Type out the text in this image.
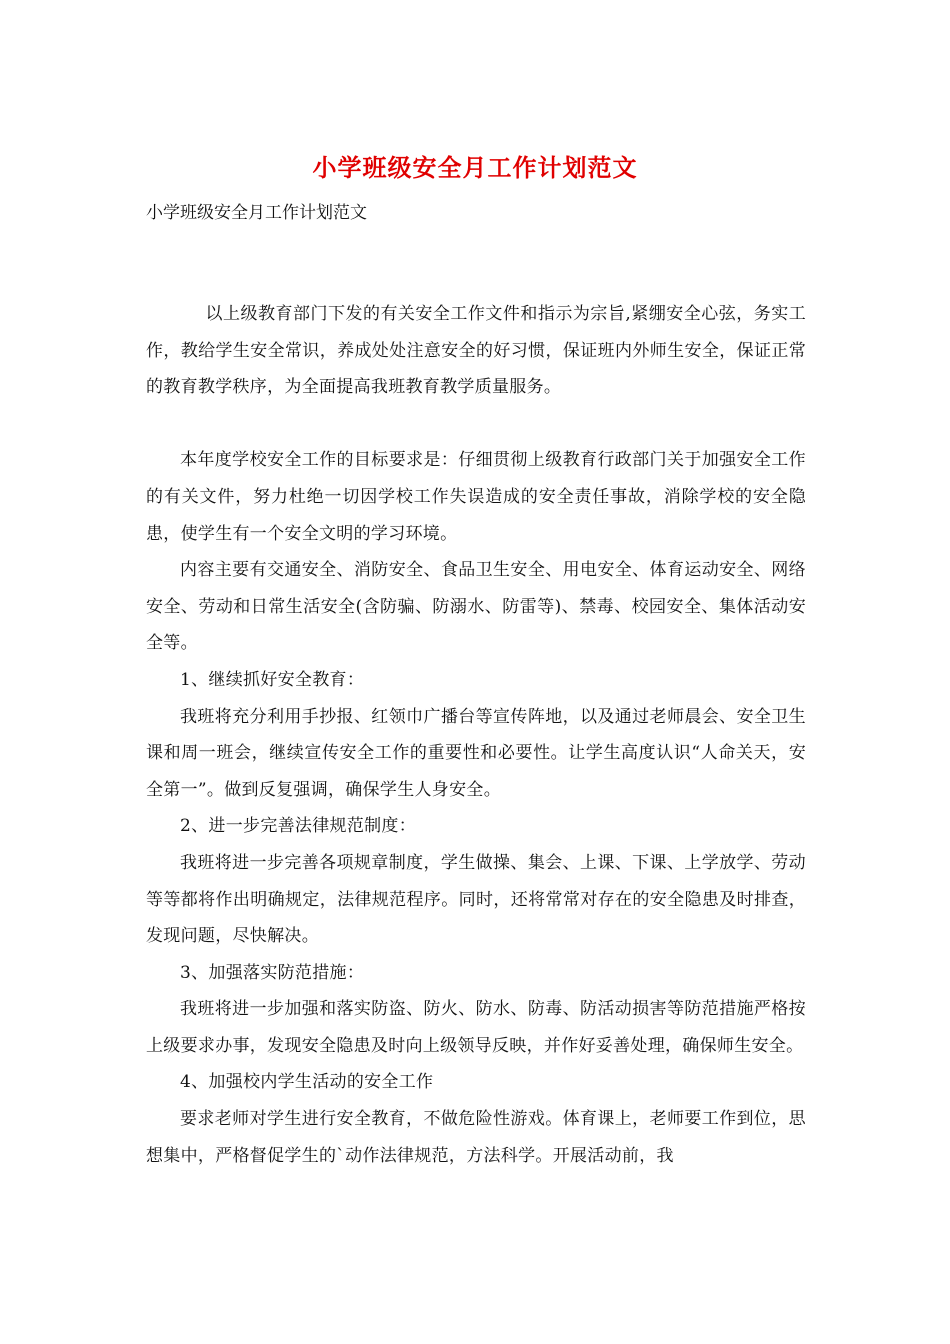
小学班级安全月工作计划范文
小学班级安全月工作计划范文

以上级教育部门下发的有关安全工作文件和指示为宗旨,紧绷安全心弦，务实工作，教给学生安全常识，养成处处注意安全的好习惯，保证班内外师生安全，保证正常的教育教学秩序，为全面提高我班教育教学质量服务。

本年度学校安全工作的目标要求是：仔细贯彻上级教育行政部门关于加强安全工作的有关文件，努力杜绝一切因学校工作失误造成的安全责任事故，消除学校的安全隐患，使学生有一个安全文明的学习环境。

内容主要有交通安全、消防安全、食品卫生安全、用电安全、体育运动安全、网络安全、劳动和日常生活安全(含防骗、防溺水、防雷等)、禁毒、校园安全、集体活动安全等。

1、继续抓好安全教育：

我班将充分利用手抄报、红领巾广播台等宣传阵地，以及通过老师晨会、安全卫生课和周一班会，继续宣传安全工作的重要性和必要性。让学生高度认识“人命关天，安全第一”。做到反复强调，确保学生人身安全。

2、进一步完善法律规范制度：

我班将进一步完善各项规章制度，学生做操、集会、上课、下课、上学放学、劳动等等都将作出明确规定，法律规范程序。同时，还将常常对存在的安全隐患及时排查，发现问题，尽快解决。

3、加强落实防范措施：

我班将进一步加强和落实防盗、防火、防水、防毒、防活动损害等防范措施严格按上级要求办事，发现安全隐患及时向上级领导反映，并作好妥善处理，确保师生安全。

4、加强校内学生活动的安全工作

要求老师对学生进行安全教育，不做危险性游戏。体育课上，老师要工作到位，思想集中，严格督促学生的`动作法律规范，方法科学。开展活动前，我
